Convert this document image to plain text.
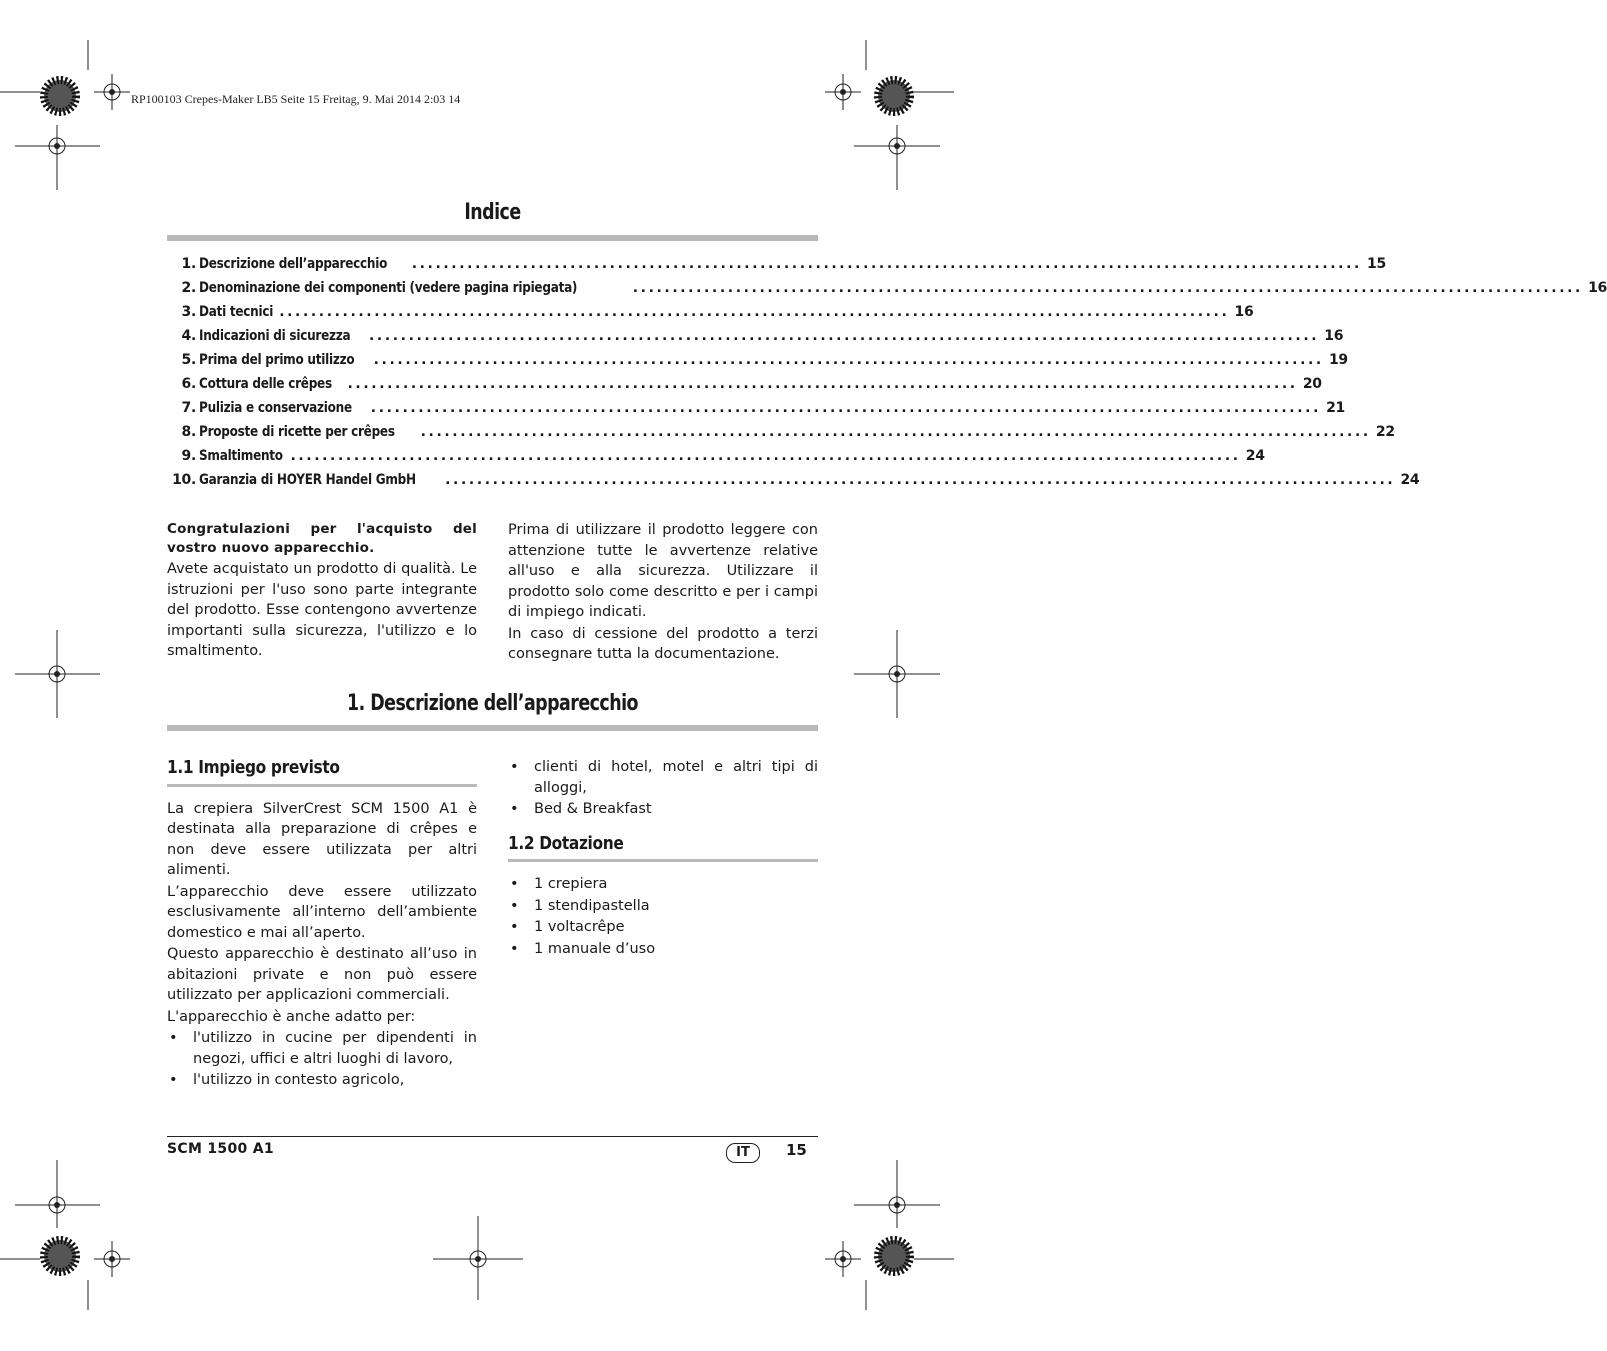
RP100103 Crepes-Maker LB5 Seite 15 Freitag, 9. Mai 2014 2:03 14
Indice
1. Descrizione dell’apparecchio ........................................................................................................................ 15
2. Denominazione dei componenti (vedere pagina ripiegata)	........................................................................................................................ 16
3. Dati tecnici ........................................................................................................................ 16
4. Indicazioni di sicurezza ........................................................................................................................ 16
5. Prima del primo utilizzo ........................................................................................................................ 19
6. Cottura delle crêpes ........................................................................................................................ 20
7. Pulizia e conservazione ........................................................................................................................ 21
8. Proposte di ricette per crêpes ........................................................................................................................ 22
9. Smaltimento ........................................................................................................................ 24
10. Garanzia di HOYER Handel GmbH ........................................................................................................................ 24

Congratulazioni per l'acquisto del vostro nuovo apparecchio.

Avete acquistato un prodotto di qualità. Le istruzioni per l'uso sono parte integrante del prodotto. Esse contengono avvertenze importanti sulla sicurezza, l'utilizzo e lo smaltimento.

Prima di utilizzare il prodotto leggere con attenzione tutte le avvertenze relative all'uso e alla sicurezza. Utilizzare il prodotto solo come descritto e per i campi di impiego indicati.

In caso di cessione del prodotto a terzi consegnare tutta la documentazione.

1. Descrizione dell’apparecchio
1.1 Impiego previsto

La crepiera SilverCrest SCM 1500 A1 è destinata alla preparazione di crêpes e non deve essere utilizzata per altri alimenti.

L’apparecchio deve essere utilizzato esclusivamente all’interno dell’ambiente domestico e mai all’aperto.

Questo apparecchio è destinato all’uso in abitazioni private e non può essere utilizzato per applicazioni commerciali.

L'apparecchio è anche adatto per:

• l'utilizzo in cucine per dipendenti in negozi, uffici e altri luoghi di lavoro,
• l'utilizzo in contesto agricolo,
• clienti di hotel, motel e altri tipi di alloggi,
• Bed & Breakfast
1.2 Dotazione
• 1 crepiera
• 1 stendipastella
• 1 voltacrêpe
• 1 manuale d’uso
SCM 1500 A1	IT	15
